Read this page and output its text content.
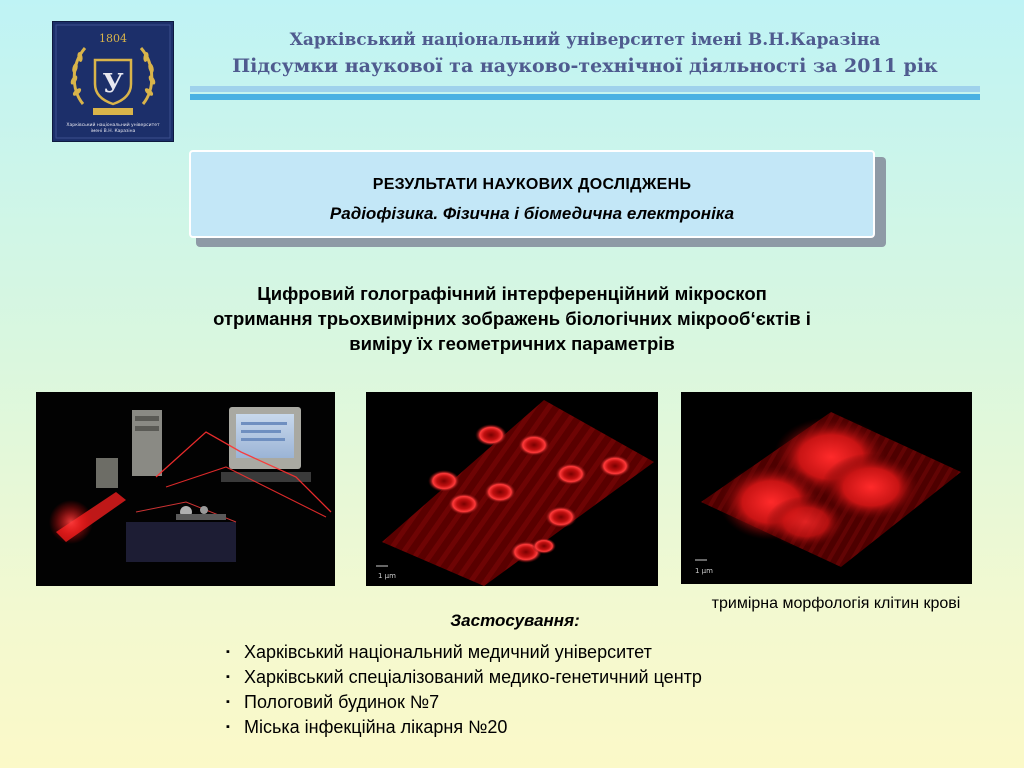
У
1804
Харківський національний університет
імені В.Н. Каразіна
Харківський національний університет імені В.Н.Каразіна
Підсумки наукової та науково-технічної діяльності за 2011 рік
РЕЗУЛЬТАТИ НАУКОВИХ ДОСЛІДЖЕНЬ
Радіофізика. Фізична і біомедична електроніка
Цифровий голографічний інтерференційний мікроскоп
отримання трьохвимірних зображень біологічних мікрооб‘єктів і
виміру їх геометричних параметрів
1 µm
1 µm
тримірна морфологія клітин крові
Застосування:
▪ Харківський національний медичний університет
▪ Харківський спеціалізований медико-генетичний центр
▪ Пологовий будинок №7
▪ Міська інфекційна лікарня №20
